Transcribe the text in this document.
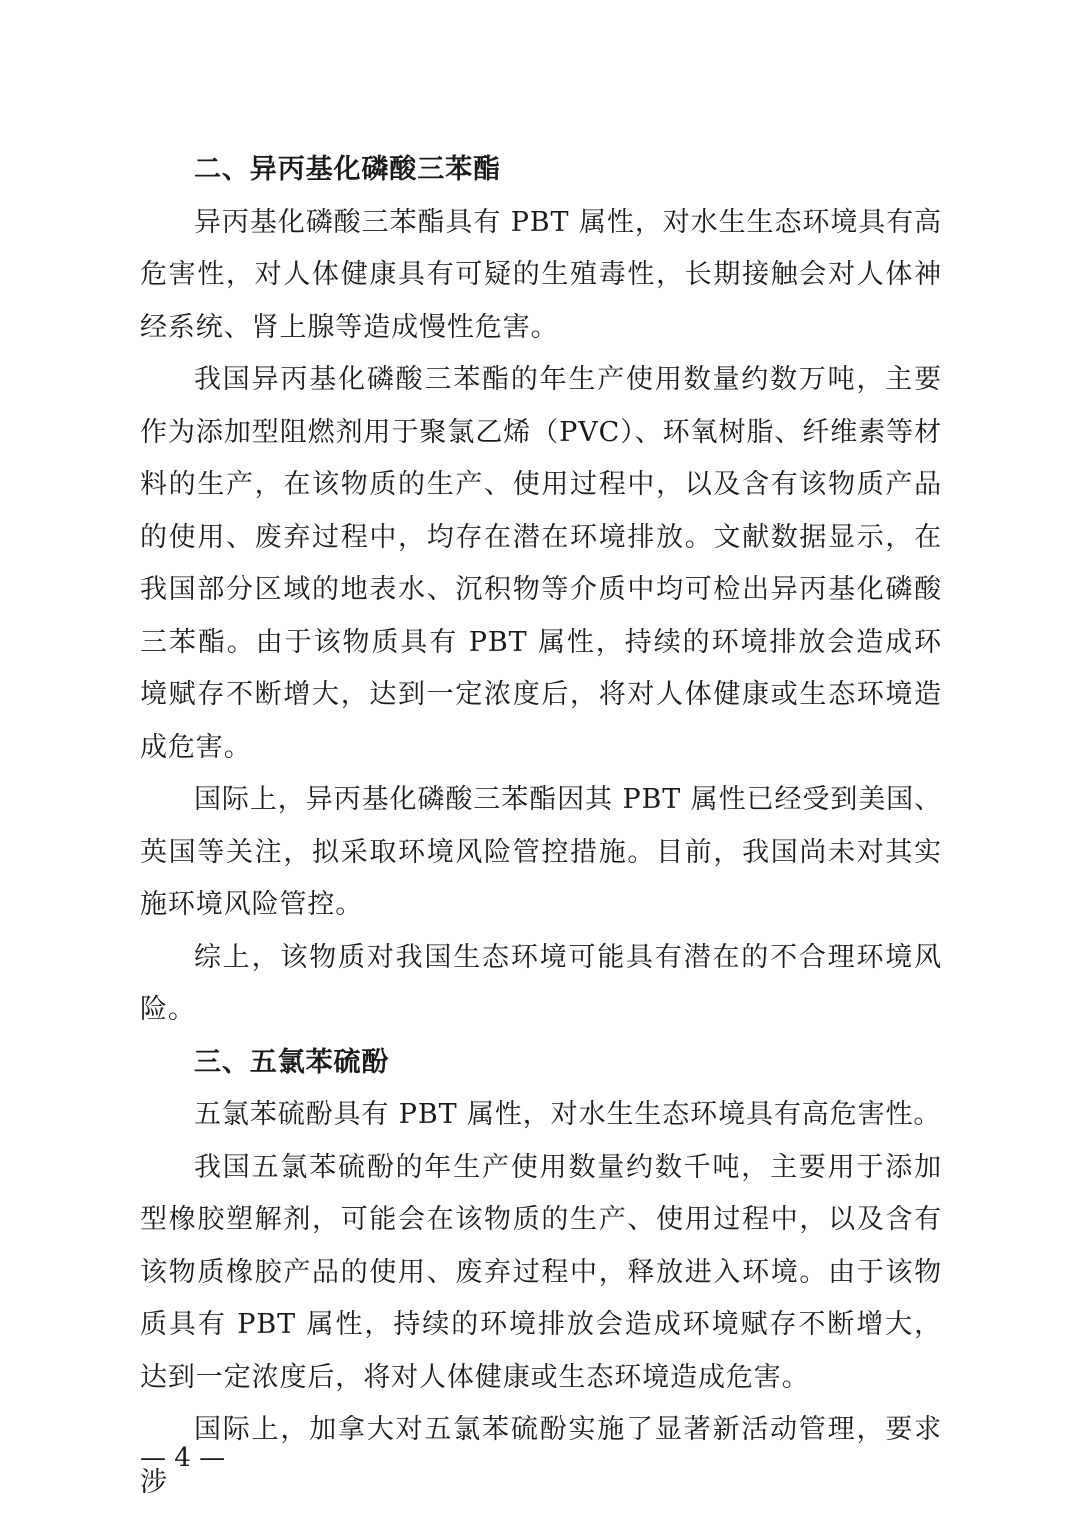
二、异丙基化磷酸三苯酯

异丙基化磷酸三苯酯具有 PBT 属性，对水生生态环境具有高危害性，对人体健康具有可疑的生殖毒性，长期接触会对人体神经系统、肾上腺等造成慢性危害。

我国异丙基化磷酸三苯酯的年生产使用数量约数万吨，主要作为添加型阻燃剂用于聚氯乙烯（PVC）、环氧树脂、纤维素等材料的生产，在该物质的生产、使用过程中，以及含有该物质产品的使用、废弃过程中，均存在潜在环境排放。文献数据显示，在我国部分区域的地表水、沉积物等介质中均可检出异丙基化磷酸三苯酯。由于该物质具有 PBT 属性，持续的环境排放会造成环境赋存不断增大，达到一定浓度后，将对人体健康或生态环境造成危害。

国际上，异丙基化磷酸三苯酯因其 PBT 属性已经受到美国、英国等关注，拟采取环境风险管控措施。目前，我国尚未对其实施环境风险管控。

综上，该物质对我国生态环境可能具有潜在的不合理环境风险。

三、五氯苯硫酚

五氯苯硫酚具有 PBT 属性，对水生生态环境具有高危害性。

我国五氯苯硫酚的年生产使用数量约数千吨，主要用于添加型橡胶塑解剂，可能会在该物质的生产、使用过程中，以及含有该物质橡胶产品的使用、废弃过程中，释放进入环境。由于该物质具有 PBT 属性，持续的环境排放会造成环境赋存不断增大，达到一定浓度后，将对人体健康或生态环境造成危害。

国际上，加拿大对五氯苯硫酚实施了显著新活动管理，要求涉

— 4 —
